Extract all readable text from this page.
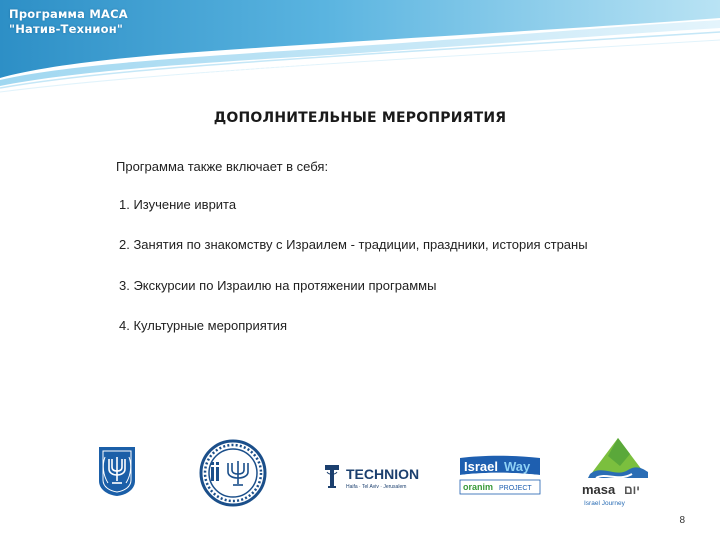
Программа МАСА
"Натив-Технион"
ДОПОЛНИТЕЛЬНЫЕ МЕРОПРИЯТИЯ
Программа также включает в себя:
1. Изучение иврита
2. Занятия по знакомству с Израилем - традиции, праздники, история страны
3. Экскурсии по Израилю на протяжении программы
4. Культурные мероприятия
TECHNION
Haifa · Tel Aviv · Jerusalem
Israel Way
oranim PROJECT	masa יום
Israel Journey
8
